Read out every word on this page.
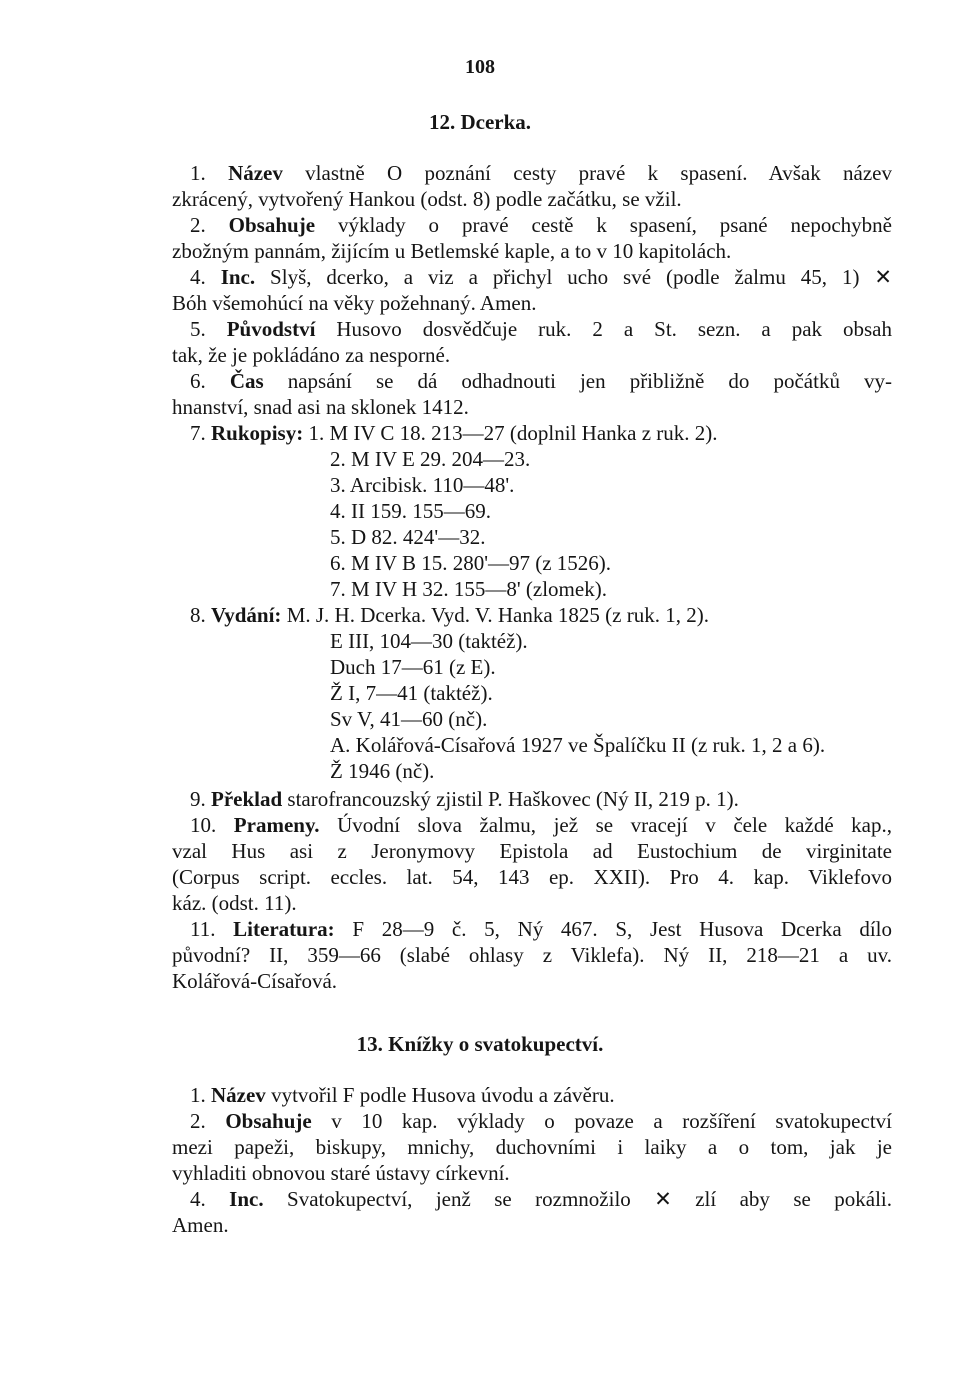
108
12. Dcerka.
1. Název vlastně O poznání cesty pravé k spasení. Avšak název
zkrácený, vytvořený Hankou (odst. 8) podle začátku, se vžil.
2. Obsahuje výklady o pravé cestě k spasení, psané nepochybně
zbožným pannám, žijícím u Betlemské kaple, a to v 10 kapitolách.
4. Inc. Slyš, dcerko, a viz a přichyl ucho své (podle žalmu 45, 1) ✕
Bóh všemohúcí na věky požehnaný. Amen.
5. Původství Husovo dosvědčuje ruk. 2 a St. sezn. a pak obsah
tak, že je pokládáno za nesporné.
6. Čas napsání se dá odhadnouti jen přibližně do počátků vy-
hnanství, snad asi na sklonek 1412.
7. Rukopisy: 1. M IV C 18. 213—27 (doplnil Hanka z ruk. 2).
2. M IV E 29. 204—23.
3. Arcibisk. 110—48'.
4. II 159. 155—69.
5. D 82. 424'—32.
6. M IV B 15. 280'—97 (z 1526).
7. M IV H 32. 155—8' (zlomek).
8. Vydání: M. J. H. Dcerka. Vyd. V. Hanka 1825 (z ruk. 1, 2).
E III, 104—30 (taktéž).
Duch 17—61 (z E).
Ž I, 7—41 (taktéž).
Sv V, 41—60 (nč).
A. Kolářová-Císařová 1927 ve Špalíčku II (z ruk. 1, 2 a 6).
Ž 1946 (nč).
9. Překlad starofrancouzský zjistil P. Haškovec (Ný II, 219 p. 1).
10. Prameny. Úvodní slova žalmu, jež se vracejí v čele každé kap.,
vzal Hus asi z Jeronymovy Epistola ad Eustochium de virginitate
(Corpus script. eccles. lat. 54, 143 ep. XXII). Pro 4. kap. Viklefovo
káz. (odst. 11).
11. Literatura: F 28—9 č. 5, Ný 467. S, Jest Husova Dcerka dílo
původní? II, 359—66 (slabé ohlasy z Viklefa). Ný II, 218—21 a uv.
Kolářová-Císařová.
13. Knížky o svatokupectví.
1. Název vytvořil F podle Husova úvodu a závěru.
2. Obsahuje v 10 kap. výklady o povaze a rozšíření svatokupectví
mezi papeži, biskupy, mnichy, duchovními i laiky a o tom, jak je
vyhladiti obnovou staré ústavy církevní.
4. Inc. Svatokupectví, jenž se rozmnožilo ✕ zlí aby se pokáli.
Amen.
